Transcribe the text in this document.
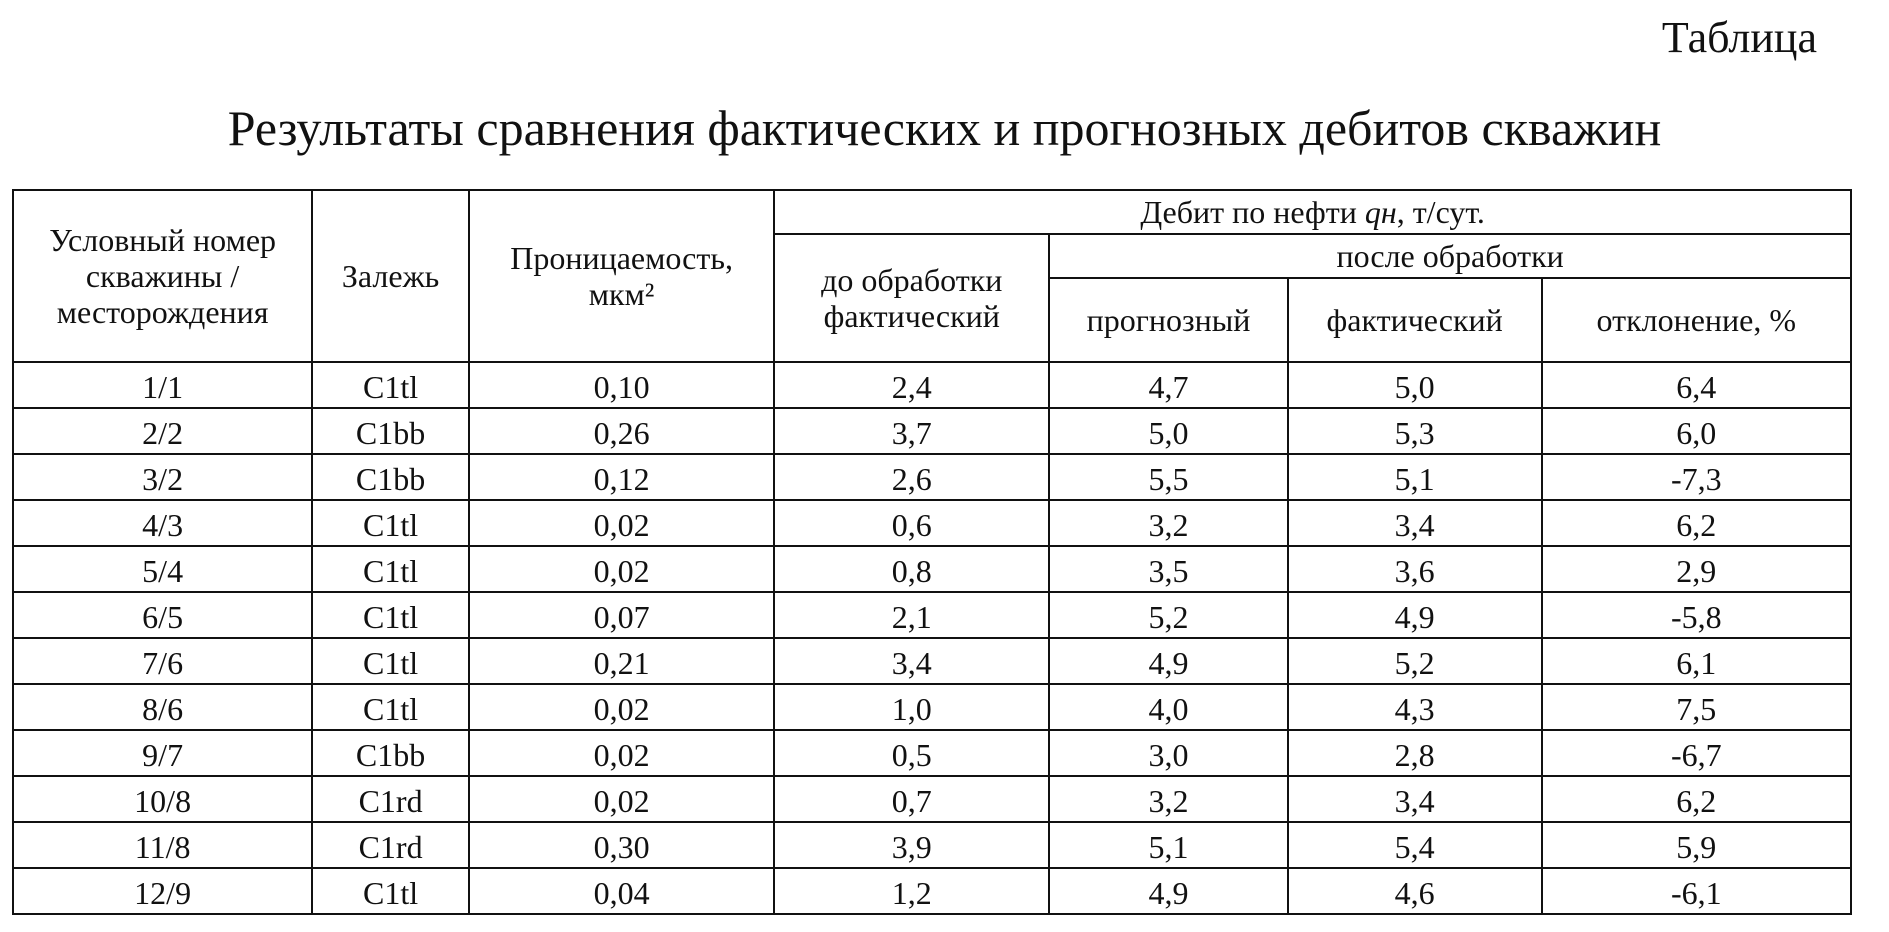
Таблица
Результаты сравнения фактических и прогнозных дебитов скважин
Условный номер скважины / месторождения	Залежь	Проницаемость, мкм²	Дебит по нефти qн, т/сут.			
			до обработки фактический	после обработки		
				прогнозный	фактический	отклонение, %
1/1	C1tl	0,10	2,4	4,7	5,0	6,4
2/2	C1bb	0,26	3,7	5,0	5,3	6,0
3/2	C1bb	0,12	2,6	5,5	5,1	-7,3
4/3	C1tl	0,02	0,6	3,2	3,4	6,2
5/4	C1tl	0,02	0,8	3,5	3,6	2,9
6/5	C1tl	0,07	2,1	5,2	4,9	-5,8
7/6	C1tl	0,21	3,4	4,9	5,2	6,1
8/6	C1tl	0,02	1,0	4,0	4,3	7,5
9/7	C1bb	0,02	0,5	3,0	2,8	-6,7
10/8	C1rd	0,02	0,7	3,2	3,4	6,2
11/8	C1rd	0,30	3,9	5,1	5,4	5,9
12/9	C1tl	0,04	1,2	4,9	4,6	-6,1
